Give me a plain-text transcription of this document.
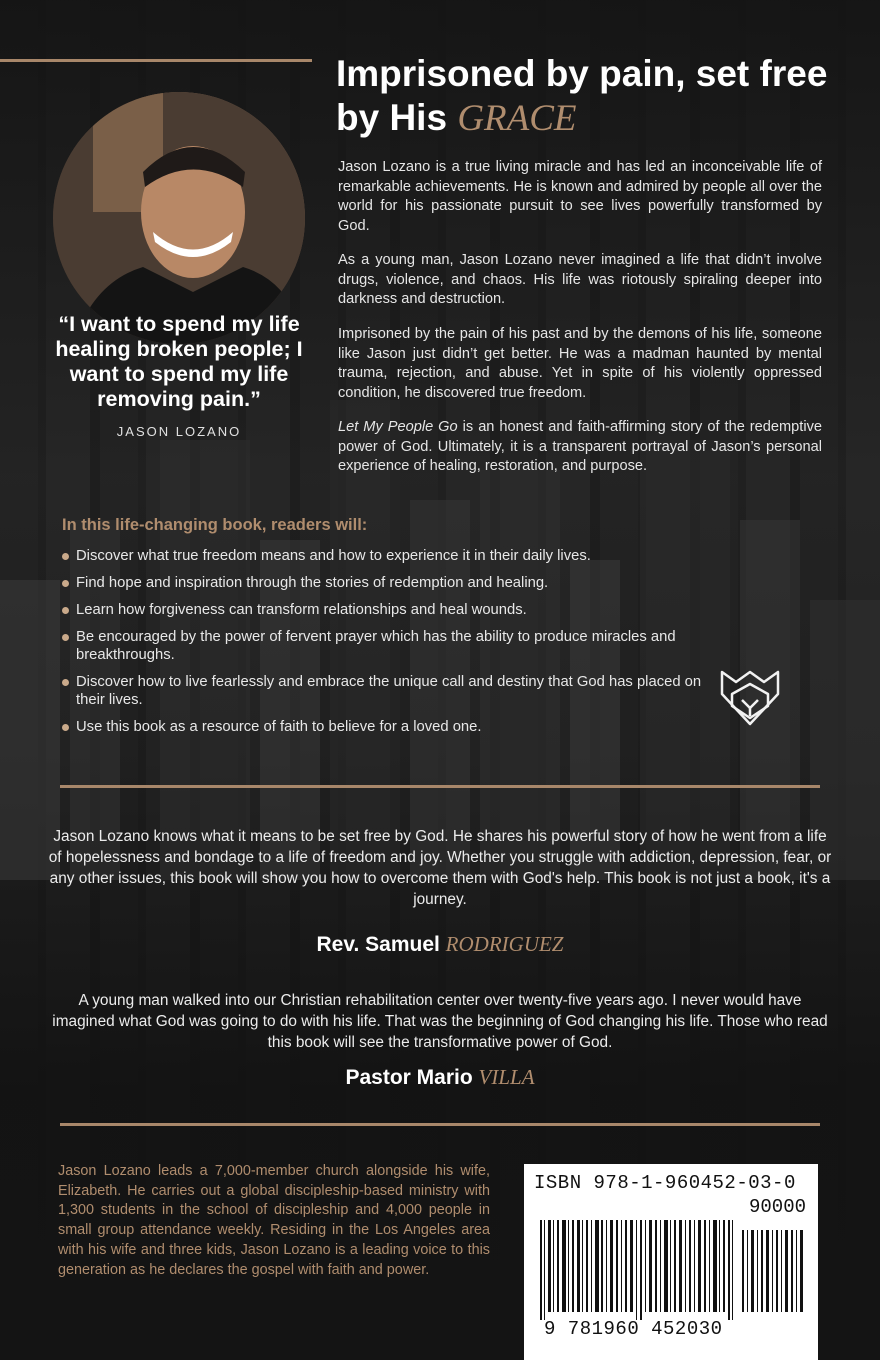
“I want to spend my life healing broken people; I want to spend my life removing pain.”
JASON LOZANO
Imprisoned by pain, set free by His GRACE

Jason Lozano is a true living miracle and has led an inconceivable life of remarkable achievements. He is known and admired by people all over the world for his passionate pursuit to see lives powerfully transformed by God.

As a young man, Jason Lozano never imagined a life that didn’t involve drugs, violence, and chaos. His life was riotously spiraling deeper into darkness and destruction.

Imprisoned by the pain of his past and by the demons of his life, someone like Jason just didn’t get better. He was a madman haunted by mental trauma, rejection, and abuse. Yet in spite of his violently oppressed condition, he discovered true freedom.

Let My People Go is an honest and faith-affirming story of the redemptive power of God. Ultimately, it is a transparent portrayal of Jason’s personal experience of healing, restoration, and purpose.

In this life-changing book, readers will:
Discover what true freedom means and how to experience it in their daily lives.
Find hope and inspiration through the stories of redemption and healing.
Learn how forgiveness can transform relationships and heal wounds.
Be encouraged by the power of fervent prayer which has the ability to produce miracles and breakthroughs.
Discover how to live fearlessly and embrace the unique call and destiny that God has placed on their lives.
Use this book as a resource of faith to believe for a loved one.

Jason Lozano knows what it means to be set free by God. He shares his powerful story of how he went from a life of hopelessness and bondage to a life of freedom and joy. Whether you struggle with addiction, depression, fear, or any other issues, this book will show you how to overcome them with God's help. This book is not just a book, it's a journey.

Rev. Samuel RODRIGUEZ

A young man walked into our Christian rehabilitation center over twenty-five years ago. I never would have imagined what God was going to do with his life. That was the beginning of God changing his life. Those who read this book will see the transformative power of God.

Pastor Mario VILLA

Jason Lozano leads a 7,000-member church alongside his wife, Elizabeth. He carries out a global discipleship-based ministry with 1,300 students in the school of discipleship and 4,000 people in small group attendance weekly. Residing in the Los Angeles area with his wife and three kids, Jason Lozano is a leading voice to this generation as he declares the gospel with faith and power.

ISBN 978-1-960452-03-0
90000
9 781960 452030
